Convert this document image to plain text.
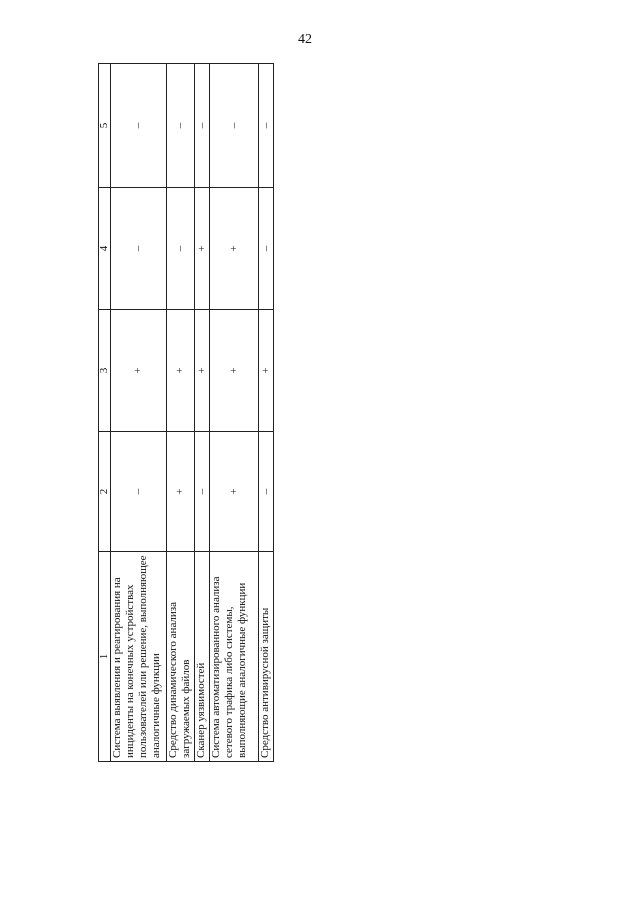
42
1	2	3	4	5
Система выявления и реагирования на инциденты на конечных устройствах пользователей или решение, выполняющее аналогичные функции	–	+	–	–
Средство динамического анализа загружаемых файлов	+	+	–	–
Сканер уязвимостей	–	+	+	–
Система автоматизированного анализа сетевого трафика либо системы, выполняющие аналогичные функции	+	+	+	–
Средство антивирусной защиты	–	+	–	–
